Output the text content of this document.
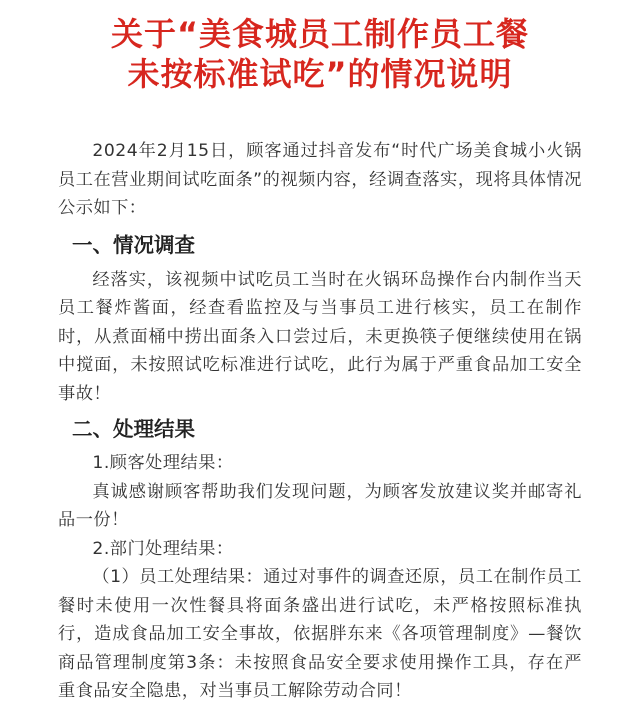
关于“美食城员工制作员工餐
未按标准试吃”的情况说明

2024年2月15日，顾客通过抖音发布“时代广场美食城小火锅员工在营业期间试吃面条”的视频内容，经调查落实，现将具体情况公示如下：

一、情况调查

经落实，该视频中试吃员工当时在火锅环岛操作台内制作当天员工餐炸酱面，经查看监控及与当事员工进行核实，员工在制作时，从煮面桶中捞出面条入口尝过后，未更换筷子便继续使用在锅中搅面，未按照试吃标准进行试吃，此行为属于严重食品加工安全事故！

二、处理结果

1.顾客处理结果：

真诚感谢顾客帮助我们发现问题，为顾客发放建议奖并邮寄礼品一份！

2.部门处理结果：

（1）员工处理结果：通过对事件的调查还原，员工在制作员工餐时未使用一次性餐具将面条盛出进行试吃，未严格按照标准执行，造成食品加工安全事故，依据胖东来《各项管理制度》—餐饮商品管理制度第3条：未按照食品安全要求使用操作工具，存在严重食品安全隐患，对当事员工解除劳动合同！
